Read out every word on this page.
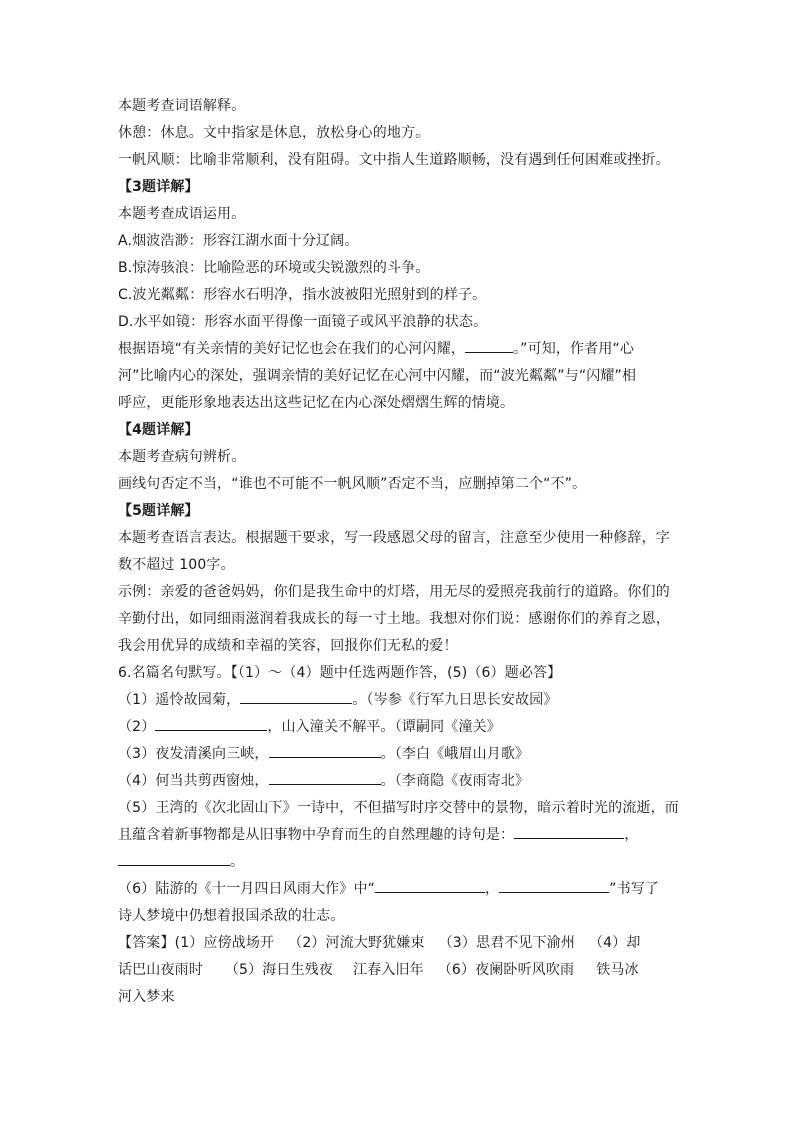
本题考查词语解释。

休憩：休息。文中指家是休息，放松身心的地方。

一帆风顺：比喻非常顺利，没有阻碍。文中指人生道路顺畅，没有遇到任何困难或挫折。

【3题详解】

本题考查成语运用。

A.烟波浩渺：形容江湖水面十分辽阔。

B.惊涛骇浪：比喻险恶的环境或尖锐激烈的斗争。

C.波光粼粼：形容水石明净，指水波被阳光照射到的样子。

D.水平如镜：形容水面平得像一面镜子或风平浪静的状态。

根据语境“有关亲情的美好记忆也会在我们的心河闪耀，	。”可知，作者用“心

河”比喻内心的深处，强调亲情的美好记忆在心河中闪耀，而“波光粼粼”与“闪耀”相

呼应，更能形象地表达出这些记忆在内心深处熠熠生辉的情境。

【4题详解】

本题考查病句辨析。

画线句否定不当，“谁也不可能不一帆风顺”否定不当，应删掉第二个“不”。

【5题详解】

本题考查语言表达。根据题干要求，写一段感恩父母的留言，注意至少使用一种修辞，字

数不超过 100字。

示例：亲爱的爸爸妈妈，你们是我生命中的灯塔，用无尽的爱照亮我前行的道路。你们的

辛勤付出，如同细雨滋润着我成长的每一寸土地。我想对你们说：感谢你们的养育之恩，

我会用优异的成绩和幸福的笑容，回报你们无私的爱！

6.名篇名句默写。【（1）～（4）题中任选两题作答，(5)（6）题必答】

（1）遥怜故园菊，	。（岑参《行军九日思长安故园》

（2）	，山入潼关不解平。（谭嗣同《潼关》

（3）夜发清溪向三峡，	。（李白《峨眉山月歌》

（4）何当共剪西窗烛，	。（李商隐《夜雨寄北》

（5）王湾的《次北固山下》一诗中，不但描写时序交替中的景物，暗示着时光的流逝，而

且蕴含着新事物都是从旧事物中孕育而生的自然理趣的诗句是：	，

。

（6）陆游的《十一月四日风雨大作》中“	，	”书写了

诗人梦境中仍想着报国杀敌的壮志。

【答案】(1）应傍战场开 （2）河流大野犹嫌束 （3）思君不见下渝州 （4）却

话巴山夜雨时 （5）海日生残夜 江春入旧年 （6）夜阑卧听风吹雨 铁马冰

河入梦来
